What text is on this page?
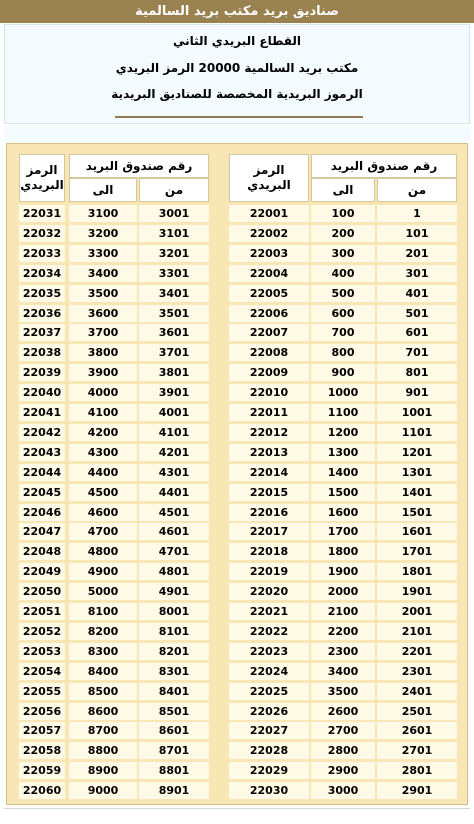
صناديق بريد مكتب بريد السالمية
القطاع البريدي الثاني
مكتب بريد السالمية 20000 الرمز البريدي
الرموز البريدية المخصصة للصناديق البريدية
الرمز البريدي
رقم صندوق البريد
الى	من
الرمز البريدي
رقم صندوق البريد
الى	من
22031	3100	3001	22001	100	1
22032	3200	3101	22002	200	101
22033	3300	3201	22003	300	201
22034	3400	3301	22004	400	301
22035	3500	3401	22005	500	401
22036	3600	3501	22006	600	501
22037	3700	3601	22007	700	601
22038	3800	3701	22008	800	701
22039	3900	3801	22009	900	801
22040	4000	3901	22010	1000	901
22041	4100	4001	22011	1100	1001
22042	4200	4101	22012	1200	1101
22043	4300	4201	22013	1300	1201
22044	4400	4301	22014	1400	1301
22045	4500	4401	22015	1500	1401
22046	4600	4501	22016	1600	1501
22047	4700	4601	22017	1700	1601
22048	4800	4701	22018	1800	1701
22049	4900	4801	22019	1900	1801
22050	5000	4901	22020	2000	1901
22051	8100	8001	22021	2100	2001
22052	8200	8101	22022	2200	2101
22053	8300	8201	22023	2300	2201
22054	8400	8301	22024	3400	2301
22055	8500	8401	22025	3500	2401
22056	8600	8501	22026	2600	2501
22057	8700	8601	22027	2700	2601
22058	8800	8701	22028	2800	2701
22059	8900	8801	22029	2900	2801
22060	9000	8901	22030	3000	2901
